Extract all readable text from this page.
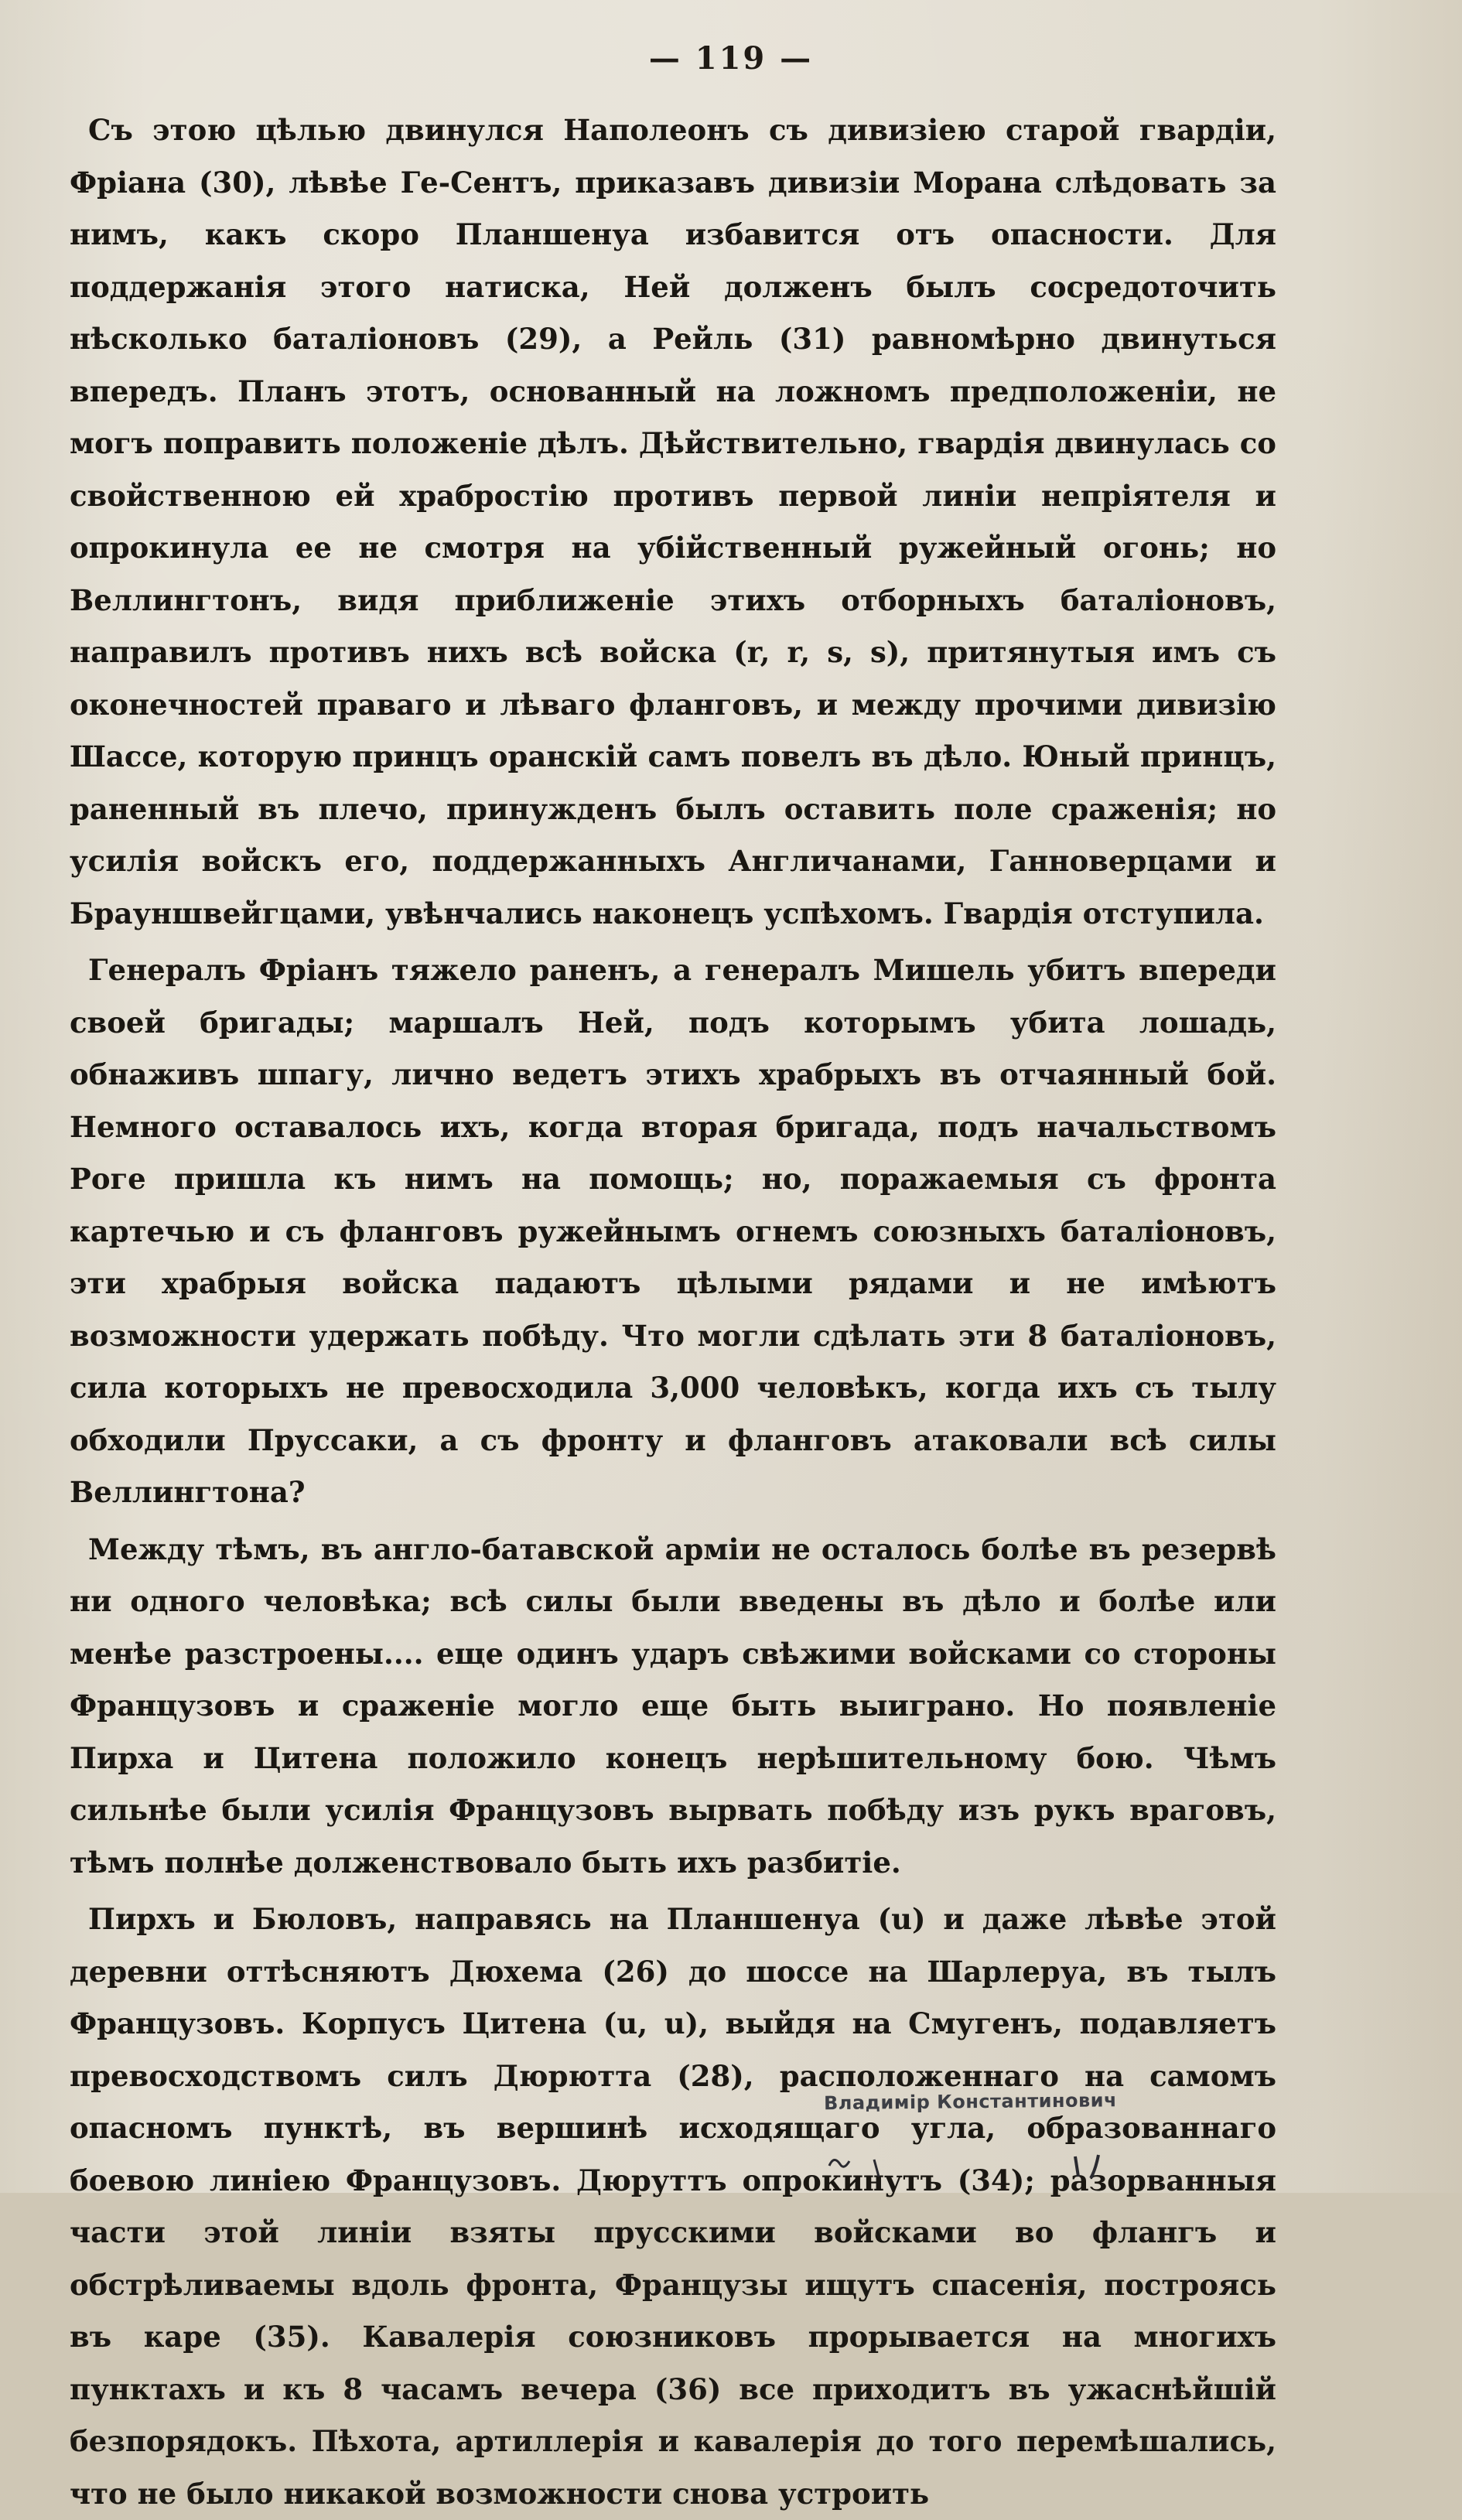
— 119 —

Съ этою цѣлью двинулся Наполеонъ съ дивизіею старой гвардіи, Фріана (30), лѣвѣе Ге-Сентъ, приказавъ дивизіи Морана слѣдовать за нимъ, какъ скоро Планшенуа избавится отъ опасности. Для поддержанія этого натиска, Ней долженъ былъ сосредоточить нѣсколько баталіоновъ (29), а Рейль (31) равномѣрно двинуться впередъ. Планъ этотъ, основанный на ложномъ предположеніи, не могъ поправить положеніе дѣлъ. Дѣйствительно, гвардія двинулась со свойственною ей храбростію противъ первой линіи непріятеля и опрокинула ее не смотря на убійственный ружейный огонь; но Веллингтонъ, видя приближеніе этихъ отборныхъ баталіоновъ, направилъ противъ нихъ всѣ войска (r, r, s, s), притянутыя имъ съ оконечностей праваго и лѣваго фланговъ, и между прочими дивизію Шассе, которую принцъ оранскій самъ повелъ въ дѣло. Юный принцъ, раненный въ плечо, принужденъ былъ оставить поле сраженія; но усилія войскъ его, поддержанныхъ Англичанами, Ганноверцами и Брауншвейгцами, увѣнчались наконецъ успѣхомъ. Гвардія отступила.

Генералъ Фріанъ тяжело раненъ, а генералъ Мишель убитъ впереди своей бригады; маршалъ Ней, подъ которымъ убита лошадь, обнаживъ шпагу, лично ведетъ этихъ храбрыхъ въ отчаянный бой. Немного оставалось ихъ, когда вторая бригада, подъ начальствомъ Роге пришла къ нимъ на помощь; но, поражаемыя съ фронта картечью и съ фланговъ ружейнымъ огнемъ союзныхъ баталіоновъ, эти храбрыя войска падаютъ цѣлыми рядами и не имѣютъ возможности удержать побѣду. Что могли сдѣлать эти 8 баталіоновъ, сила которыхъ не превосходила 3,000 человѣкъ, когда ихъ съ тылу обходили Пруссаки, а съ фронту и фланговъ атаковали всѣ силы Веллингтона?

Между тѣмъ, въ англо-батавской арміи не осталось болѣе въ резервѣ ни одного человѣка; всѣ силы были введены въ дѣло и болѣе или менѣе разстроены.... еще одинъ ударъ свѣжими войсками со стороны Французовъ и сраженіе могло еще быть выиграно. Но появленіе Пирха и Цитена положило конецъ нерѣшительному бою. Чѣмъ сильнѣе были усилія Французовъ вырвать побѣду изъ рукъ враговъ, тѣмъ полнѣе долженствовало быть ихъ разбитіе.

Пирхъ и Бюловъ, направясь на Планшенуа (u) и даже лѣвѣе этой деревни оттѣсняютъ Дюхема (26) до шоссе на Шарлеруа, въ тылъ Французовъ. Корпусъ Цитена (u, u), выйдя на Смугенъ, подавляетъ превосходствомъ силъ Дюрютта (28), расположеннаго на самомъ опасномъ пунктѣ, въ вершинѣ исходящаго угла, образованнаго боевою линіею Французовъ. Дюруттъ опрокинутъ (34); разорванныя части этой линіи взяты прусскими войсками во флангъ и обстрѣливаемы вдоль фронта, Французы ищутъ спасенія, построясь въ каре (35). Кавалерія союзниковъ прорывается на многихъ пунктахъ и къ 8 часамъ вечера (36) все приходитъ въ ужаснѣйшій безпорядокъ. Пѣхота, артиллерія и кавалерія до того перемѣшались, что не было никакой возможности снова устроить

Владимір Константинович
